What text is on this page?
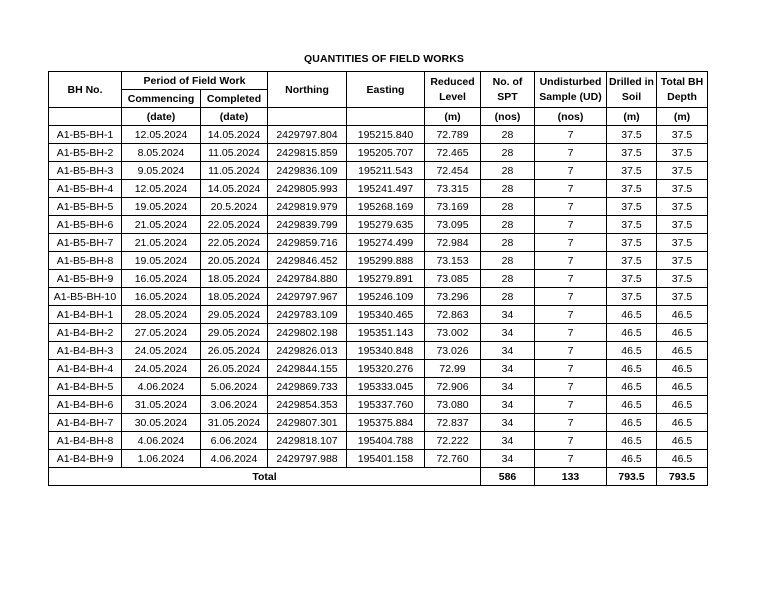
QUANTITIES OF FIELD WORKS
BH No.	Period of Field Work		Northing	Easting	Reduced Level	No. of SPT	Undisturbed Sample (UD)	Drilled in Soil	Total BH Depth
	Commencing	Completed							
	(date)	(date)			(m)	(nos)	(nos)	(m)	(m)
A1-B5-BH-1	12.05.2024	14.05.2024	2429797.804	195215.840	72.789	28	7	37.5	37.5
A1-B5-BH-2	8.05.2024	11.05.2024	2429815.859	195205.707	72.465	28	7	37.5	37.5
A1-B5-BH-3	9.05.2024	11.05.2024	2429836.109	195211.543	72.454	28	7	37.5	37.5
A1-B5-BH-4	12.05.2024	14.05.2024	2429805.993	195241.497	73.315	28	7	37.5	37.5
A1-B5-BH-5	19.05.2024	20.5.2024	2429819.979	195268.169	73.169	28	7	37.5	37.5
A1-B5-BH-6	21.05.2024	22.05.2024	2429839.799	195279.635	73.095	28	7	37.5	37.5
A1-B5-BH-7	21.05.2024	22.05.2024	2429859.716	195274.499	72.984	28	7	37.5	37.5
A1-B5-BH-8	19.05.2024	20.05.2024	2429846.452	195299.888	73.153	28	7	37.5	37.5
A1-B5-BH-9	16.05.2024	18.05.2024	2429784.880	195279.891	73.085	28	7	37.5	37.5
A1-B5-BH-10	16.05.2024	18.05.2024	2429797.967	195246.109	73.296	28	7	37.5	37.5
A1-B4-BH-1	28.05.2024	29.05.2024	2429783.109	195340.465	72.863	34	7	46.5	46.5
A1-B4-BH-2	27.05.2024	29.05.2024	2429802.198	195351.143	73.002	34	7	46.5	46.5
A1-B4-BH-3	24.05.2024	26.05.2024	2429826.013	195340.848	73.026	34	7	46.5	46.5
A1-B4-BH-4	24.05.2024	26.05.2024	2429844.155	195320.276	72.99	34	7	46.5	46.5
A1-B4-BH-5	4.06.2024	5.06.2024	2429869.733	195333.045	72.906	34	7	46.5	46.5
A1-B4-BH-6	31.05.2024	3.06.2024	2429854.353	195337.760	73.080	34	7	46.5	46.5
A1-B4-BH-7	30.05.2024	31.05.2024	2429807.301	195375.884	72.837	34	7	46.5	46.5
A1-B4-BH-8	4.06.2024	6.06.2024	2429818.107	195404.788	72.222	34	7	46.5	46.5
A1-B4-BH-9	1.06.2024	4.06.2024	2429797.988	195401.158	72.760	34	7	46.5	46.5
Total						586	133	793.5	793.5
